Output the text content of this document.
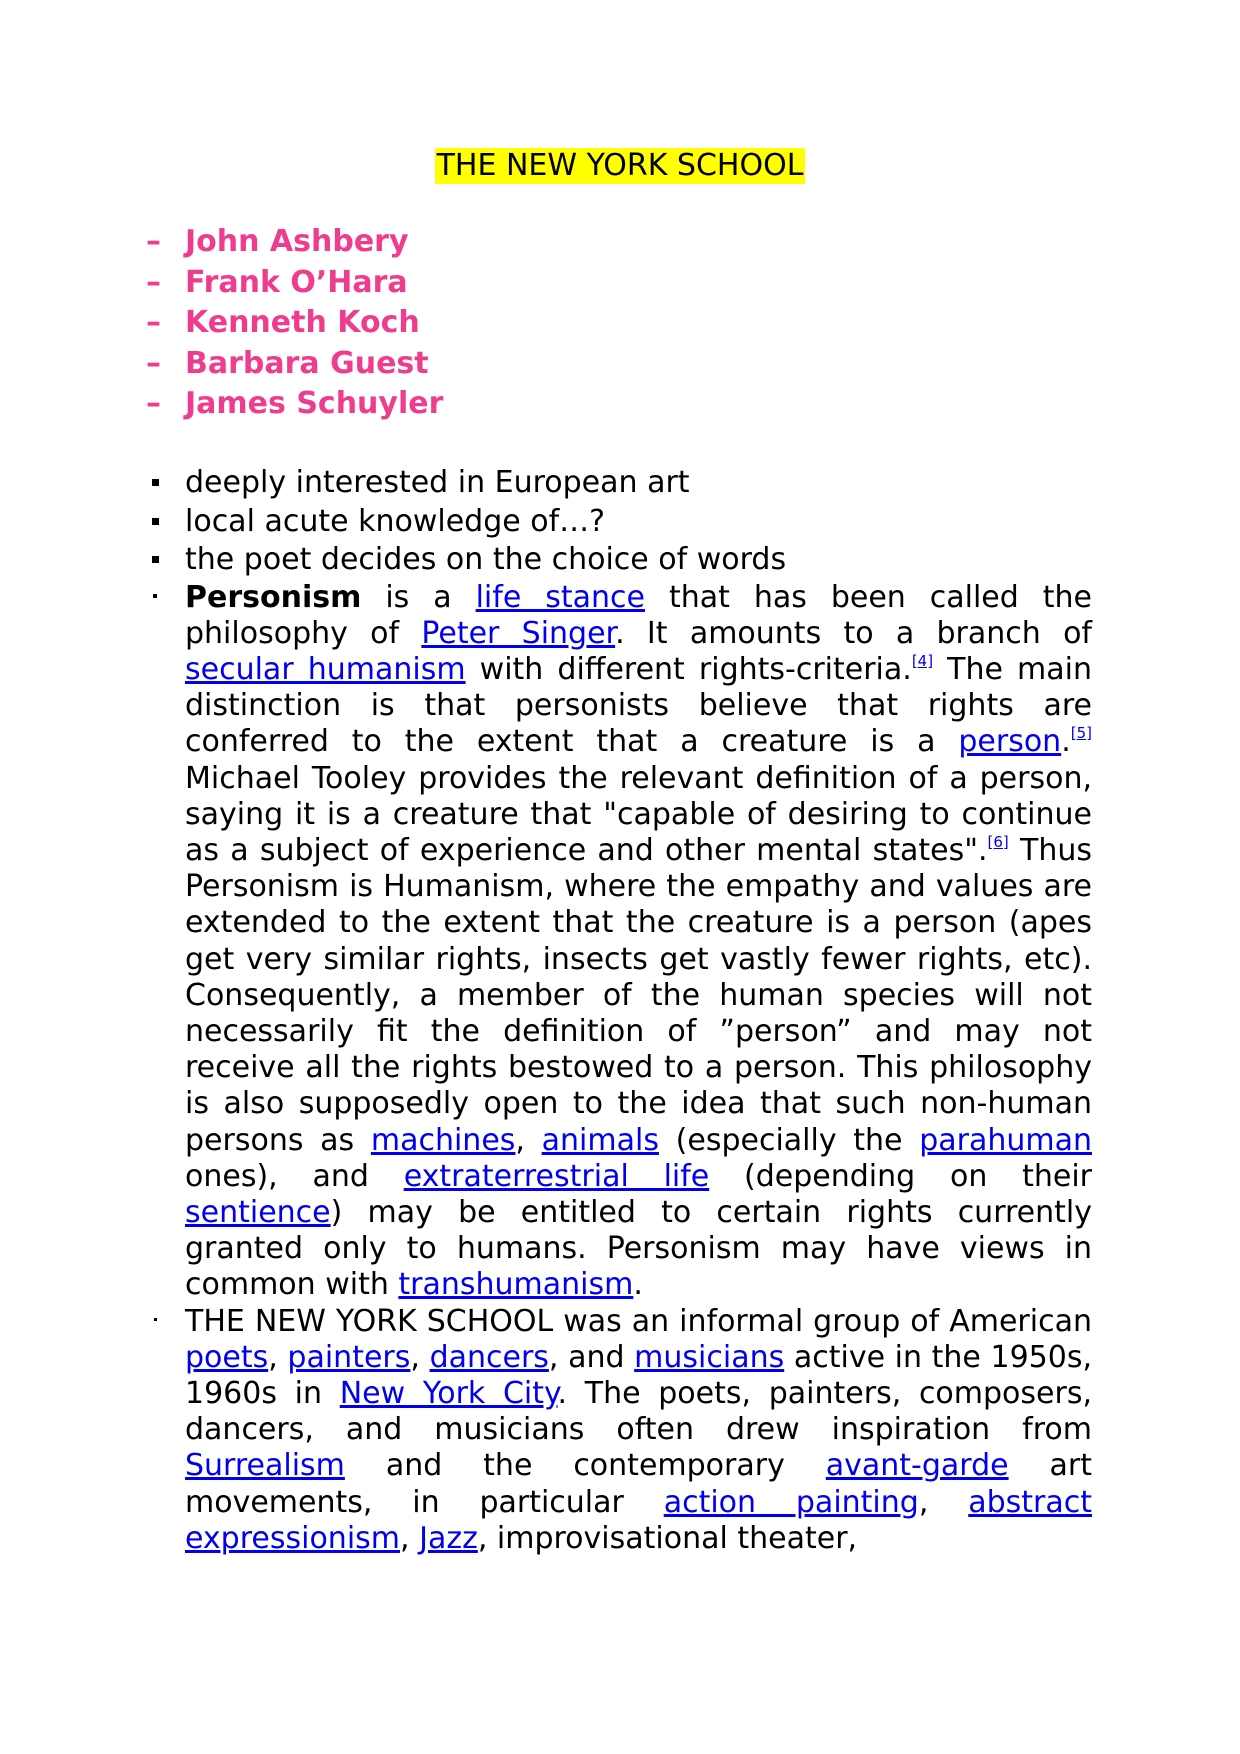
THE NEW YORK SCHOOL
– John Ashbery
– Frank O’Hara
– Kenneth Koch
– Barbara Guest
– James Schuyler
deeply interested in European art
local acute knowledge of…?
the poet decides on the choice of words
Personism is a life stance that has been called the philosophy of Peter Singer. It amounts to a branch of secular humanism with different rights-criteria.[4] The main distinction is that personists believe that rights are conferred to the extent that a creature is a person.[5] Michael Tooley provides the relevant definition of a person, saying it is a creature that "capable of desiring to continue as a subject of experience and other mental states".[6] Thus Personism is Humanism, where the empathy and values are extended to the extent that the creature is a person (apes get very similar rights, insects get vastly fewer rights, etc). Consequently, a member of the human species will not necessarily fit the definition of ”person” and may not receive all the rights bestowed to a person. This philosophy is also supposedly open to the idea that such non-human persons as machines, animals (especially the parahuman ones), and extraterrestrial life (depending on their sentience) may be entitled to certain rights currently granted only to humans. Personism may have views in common with transhumanism.
THE NEW YORK SCHOOL was an informal group of American poets, painters, dancers, and musicians active in the 1950s, 1960s in New York City. The poets, painters, composers, dancers, and musicians often drew inspiration from Surrealism and the contemporary avant-garde art movements, in particular action painting, abstract expressionism, Jazz, improvisational theater,
